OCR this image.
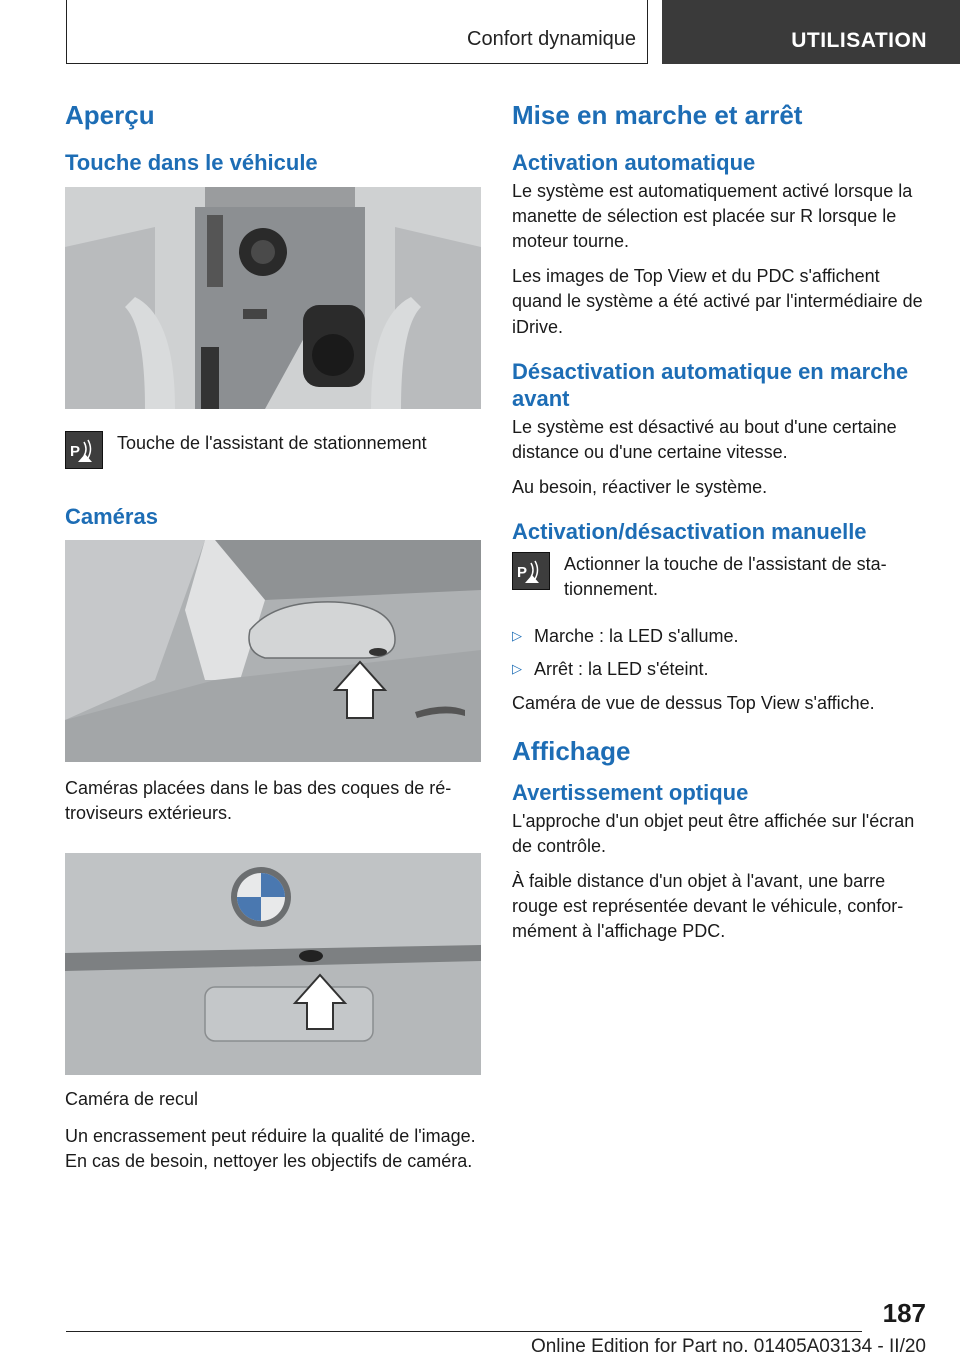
Confort dynamique	UTILISATION
Aperçu
Touche dans le véhicule
P Touche de l'assistant de stationnement

Caméras

Caméras placées dans le bas des coques de rétroviseurs extérieurs.

Caméra de recul

Un encrassement peut réduire la qualité de l'image. En cas de besoin, nettoyer les objectifs de caméra.

Mise en marche et arrêt
Activation automatique

Le système est automatiquement activé lorsque la manette de sélection est placée sur R lorsque le moteur tourne.

Les images de Top View et du PDC s'affichent quand le système a été activé par l'intermédiaire de iDrive.

Désactivation automatique en marche avant

Le système est désactivé au bout d'une certaine distance ou d'une certaine vitesse.

Au besoin, réactiver le système.

Activation/désactivation manuelle
P Actionner la touche de l'assistant de stationnement.

▷ Marche : la LED s'allume.
▷ Arrêt : la LED s'éteint.

Caméra de vue de dessus Top View s'affiche.

Affichage
Avertissement optique

L'approche d'un objet peut être affichée sur l'écran de contrôle.

À faible distance d'un objet à l'avant, une barre rouge est représentée devant le véhicule, conformément à l'affichage PDC.

187
Online Edition for Part no. 01405A03134 - II/20
